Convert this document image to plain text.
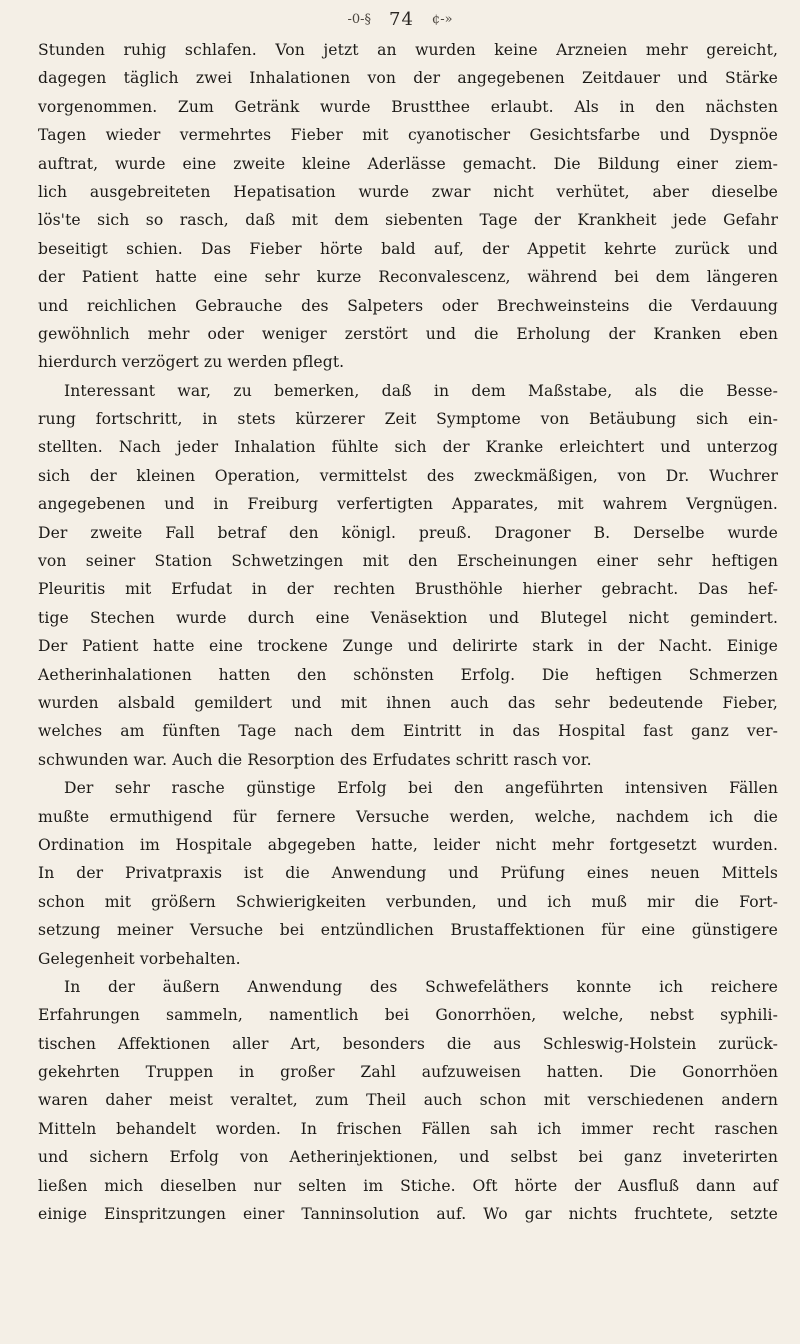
-0-§ 74 ¢-»
Stunden ruhig schlafen. Von jetzt an wurden keine Arzneien mehr gereicht,
dagegen täglich zwei Inhalationen von der angegebenen Zeitdauer und Stärke
vorgenommen. Zum Getränk wurde Brustthee erlaubt. Als in den nächsten
Tagen wieder vermehrtes Fieber mit cyanotischer Gesichtsfarbe und Dyspnöe
auftrat, wurde eine zweite kleine Aderlässe gemacht. Die Bildung einer ziem-
lich ausgebreiteten Hepatisation wurde zwar nicht verhütet, aber dieselbe
lös'te sich so rasch, daß mit dem siebenten Tage der Krankheit jede Gefahr
beseitigt schien. Das Fieber hörte bald auf, der Appetit kehrte zurück und
der Patient hatte eine sehr kurze Reconvalescenz, während bei dem längeren
und reichlichen Gebrauche des Salpeters oder Brechweinsteins die Verdauung
gewöhnlich mehr oder weniger zerstört und die Erholung der Kranken eben
hierdurch verzögert zu werden pflegt.
Interessant war, zu bemerken, daß in dem Maßstabe, als die Besse-
rung fortschritt, in stets kürzerer Zeit Symptome von Betäubung sich ein-
stellten. Nach jeder Inhalation fühlte sich der Kranke erleichtert und unterzog
sich der kleinen Operation, vermittelst des zweckmäßigen, von Dr. Wuchrer
angegebenen und in Freiburg verfertigten Apparates, mit wahrem Vergnügen.
Der zweite Fall betraf den königl. preuß. Dragoner B. Derselbe wurde
von seiner Station Schwetzingen mit den Erscheinungen einer sehr heftigen
Pleuritis mit Erfudat in der rechten Brusthöhle hierher gebracht. Das hef-
tige Stechen wurde durch eine Venäsektion und Blutegel nicht gemindert.
Der Patient hatte eine trockene Zunge und delirirte stark in der Nacht. Einige
Aetherinhalationen hatten den schönsten Erfolg. Die heftigen Schmerzen
wurden alsbald gemildert und mit ihnen auch das sehr bedeutende Fieber,
welches am fünften Tage nach dem Eintritt in das Hospital fast ganz ver-
schwunden war. Auch die Resorption des Erfudates schritt rasch vor.
Der sehr rasche günstige Erfolg bei den angeführten intensiven Fällen
mußte ermuthigend für fernere Versuche werden, welche, nachdem ich die
Ordination im Hospitale abgegeben hatte, leider nicht mehr fortgesetzt wurden.
In der Privatpraxis ist die Anwendung und Prüfung eines neuen Mittels
schon mit größern Schwierigkeiten verbunden, und ich muß mir die Fort-
setzung meiner Versuche bei entzündlichen Brustaffektionen für eine günstigere
Gelegenheit vorbehalten.
In der äußern Anwendung des Schwefeläthers konnte ich reichere
Erfahrungen sammeln, namentlich bei Gonorrhöen, welche, nebst syphili-
tischen Affektionen aller Art, besonders die aus Schleswig-Holstein zurück-
gekehrten Truppen in großer Zahl aufzuweisen hatten. Die Gonorrhöen
waren daher meist veraltet, zum Theil auch schon mit verschiedenen andern
Mitteln behandelt worden. In frischen Fällen sah ich immer recht raschen
und sichern Erfolg von Aetherinjektionen, und selbst bei ganz inveterirten
ließen mich dieselben nur selten im Stiche. Oft hörte der Ausfluß dann auf
einige Einspritzungen einer Tanninsolution auf. Wo gar nichts fruchtete, setzte
